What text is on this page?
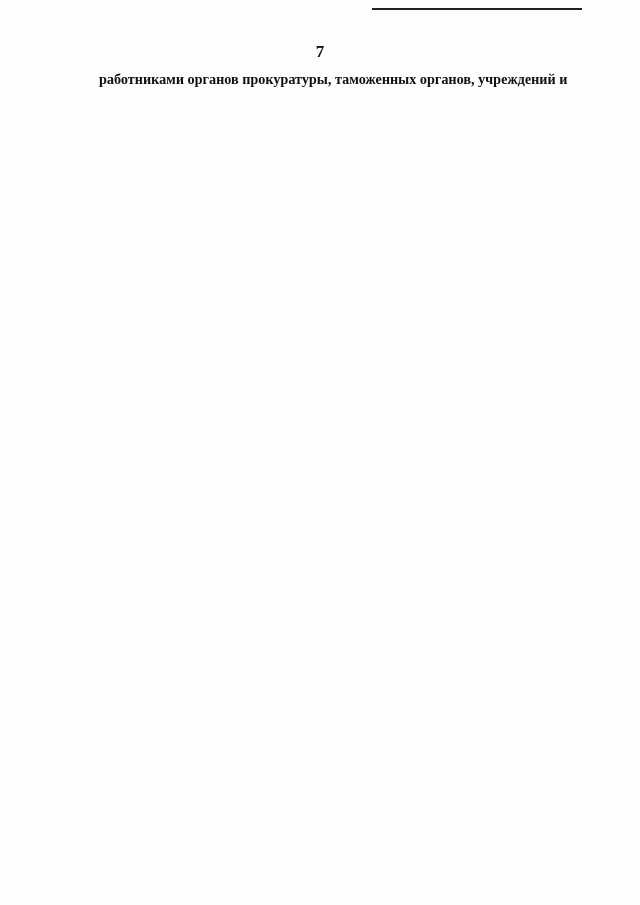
7

работниками органов прокуратуры, таможенных органов, учреждений и
